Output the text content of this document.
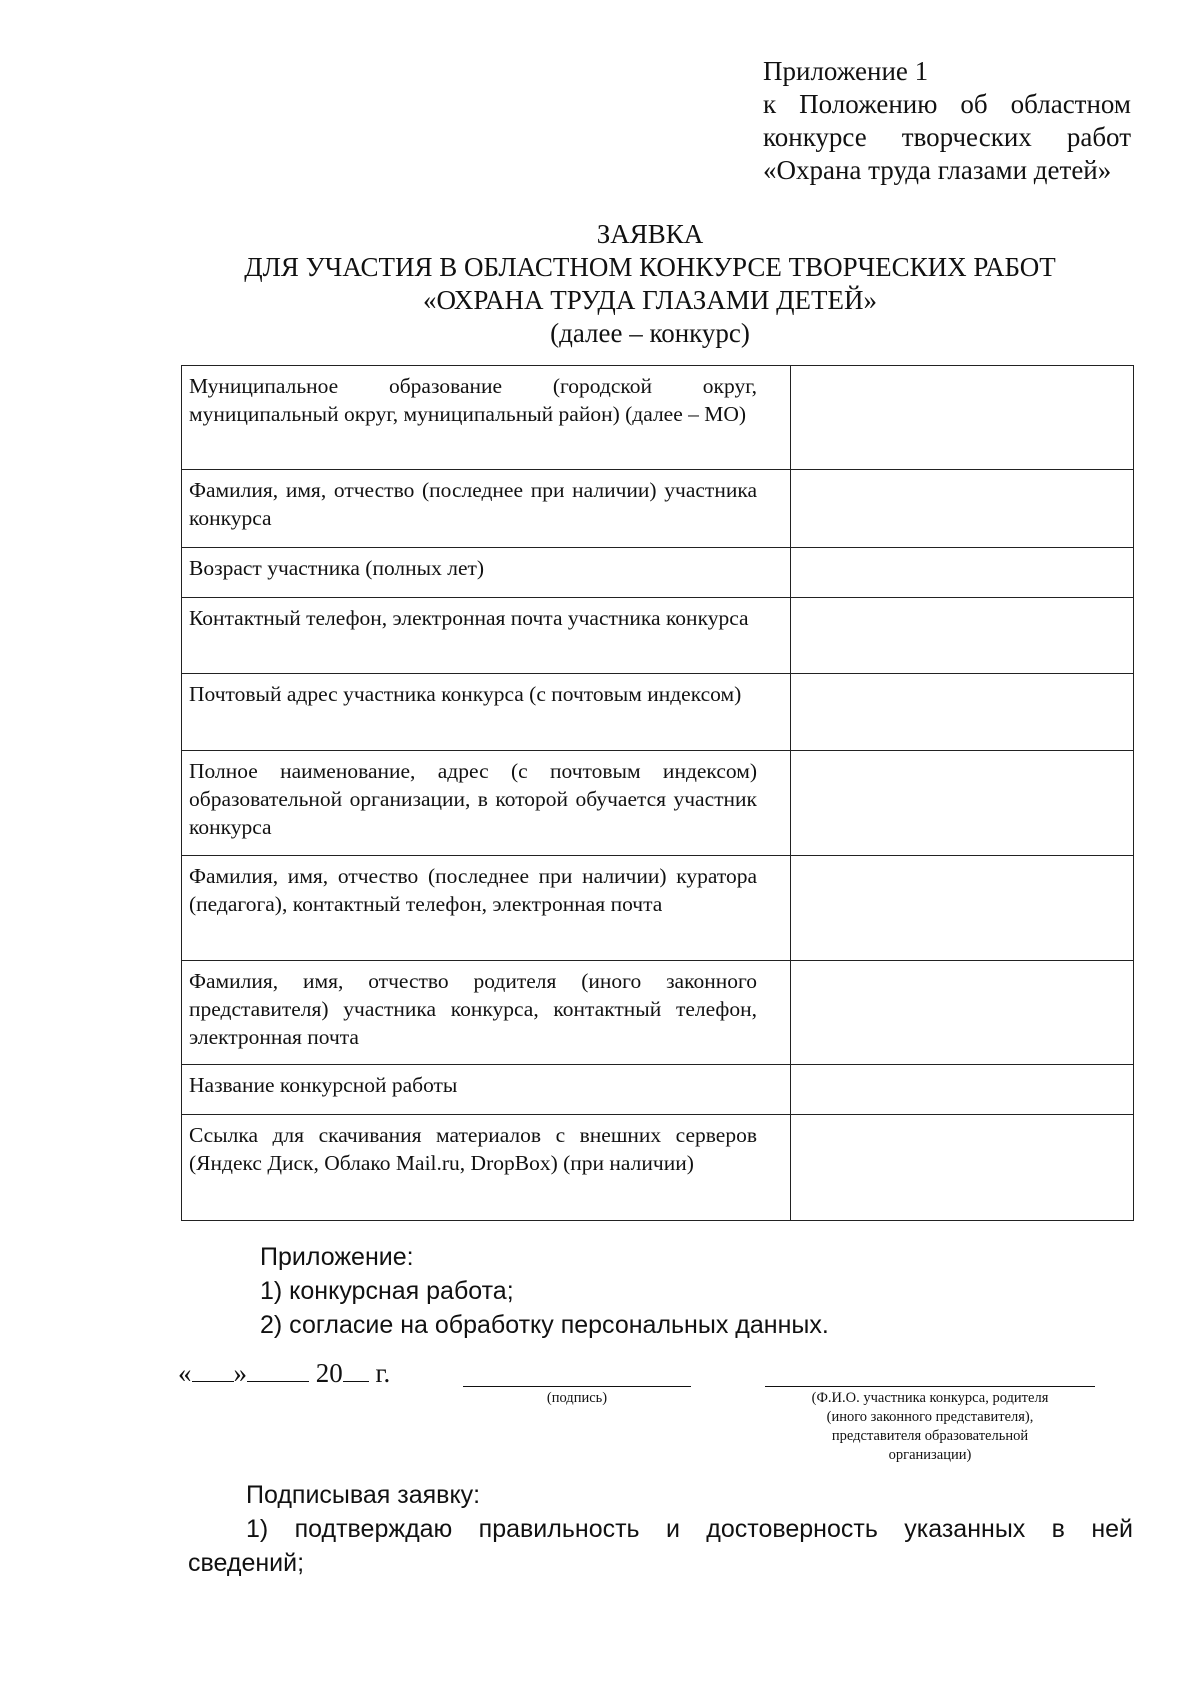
Приложение 1
к Положению об областном
конкурсе творческих работ
«Охрана труда глазами детей»
ЗАЯВКА
ДЛЯ УЧАСТИЯ В ОБЛАСТНОМ КОНКУРСЕ ТВОРЧЕСКИХ РАБОТ
«ОХРАНА ТРУДА ГЛАЗАМИ ДЕТЕЙ»
(далее – конкурс)
Муниципальное образование (городской округ, муниципальный округ, муниципальный район) (далее – МО)	
Фамилия, имя, отчество (последнее при наличии) участника конкурса	
Возраст участника (полных лет)	
Контактный телефон, электронная почта участника конкурса	
Почтовый адрес участника конкурса (с почтовым индексом)	
Полное наименование, адрес (с почтовым индексом) образовательной организации, в которой обучается участник конкурса	
Фамилия, имя, отчество (последнее при наличии) куратора (педагога), контактный телефон, электронная почта	
Фамилия, имя, отчество родителя (иного законного представителя) участника конкурса, контактный телефон, электронная почта	
Название конкурсной работы	
Ссылка для скачивания материалов с внешних серверов (Яндекс Диск, Облако Mail.ru, DropBox) (при наличии)	
Приложение:
1) конкурсная работа;
2) согласие на обработку персональных данных.
« »	20 г.
(подпись)	(Ф.И.О. участника конкурса, родителя
(иного законного представителя),
представителя образовательной
организации)
Подписывая заявку:
1) подтверждаю правильность и достоверность указанных в ней сведений;
